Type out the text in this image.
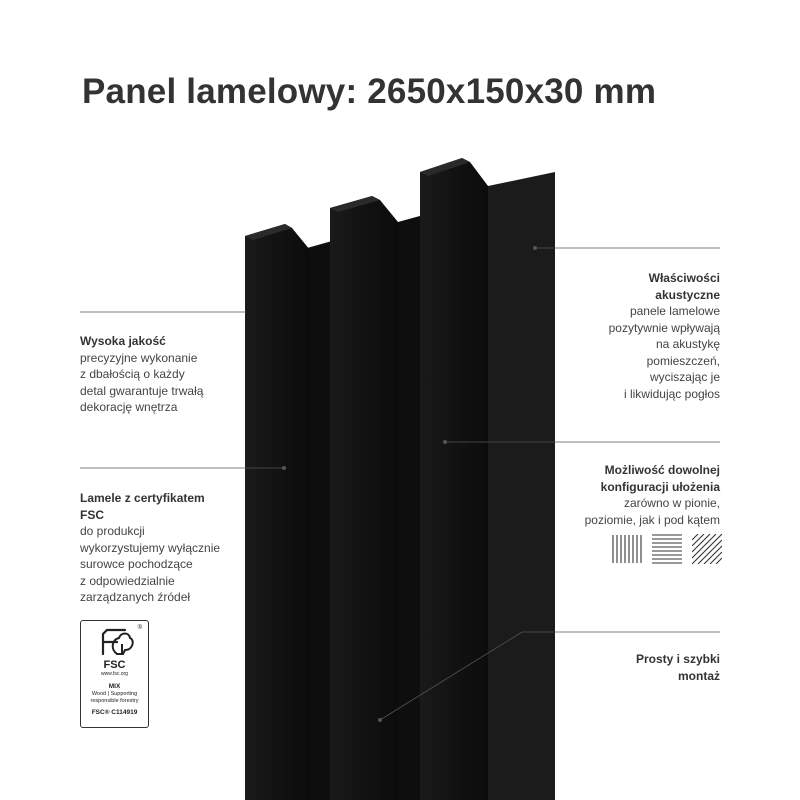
Panel lamelowy: 2650x150x30 mm
Wysoka jakość
precyzyjne wykonanie
z dbałością o każdy
detal gwarantuje trwałą
dekorację wnętrza
Lamele z certyfikatem
FSC
do produkcji
wykorzystujemy wyłącznie
surowce pochodzące
z odpowiedzialnie
zarządzanych źródeł
®
FSC
www.fsc.org
MIX
Wood | Supporting
responsible forestry
FSC® C114919
Właściwości
akustyczne
panele lamelowe
pozytywnie wpływają
na akustykę
pomieszczeń,
wyciszając je
i likwidując pogłos
Możliwość dowolnej
konfiguracji ułożenia
zarówno w pionie,
poziomie, jak i pod kątem
Prosty i szybki
montaż
